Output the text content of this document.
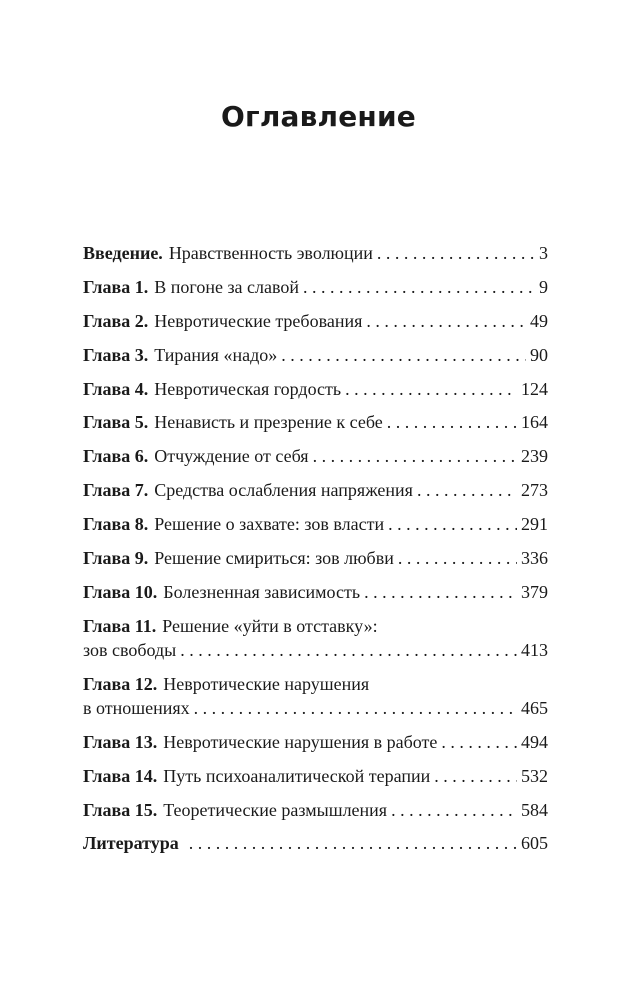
Оглавление
Введение. Нравственность эволюции . . .	3
Глава 1. В погоне за славой . . .	9
Глава 2. Невротические требования . . .	49
Глава 3. Тирания «надо» . . .	90
Глава 4. Невротическая гордость . . .	124
Глава 5. Ненависть и презрение к себе . . .	164
Глава 6. Отчуждение от себя . . .	239
Глава 7. Средства ослабления напряжения . . .	273
Глава 8. Решение о захвате: зов власти . . .	291
Глава 9. Решение смириться: зов любви . . .	336
Глава 10. Болезненная зависимость . . .	379
Глава 11. Решение «уйти в отставку»:
зов свободы . . .	413
Глава 12. Невротические нарушения
в отношениях . . .	465
Глава 13. Невротические нарушения в работе . . .	494
Глава 14. Путь психоаналитической терапии . . .	532
Глава 15. Теоретические размышления . . .	584
Литература . . .	605
